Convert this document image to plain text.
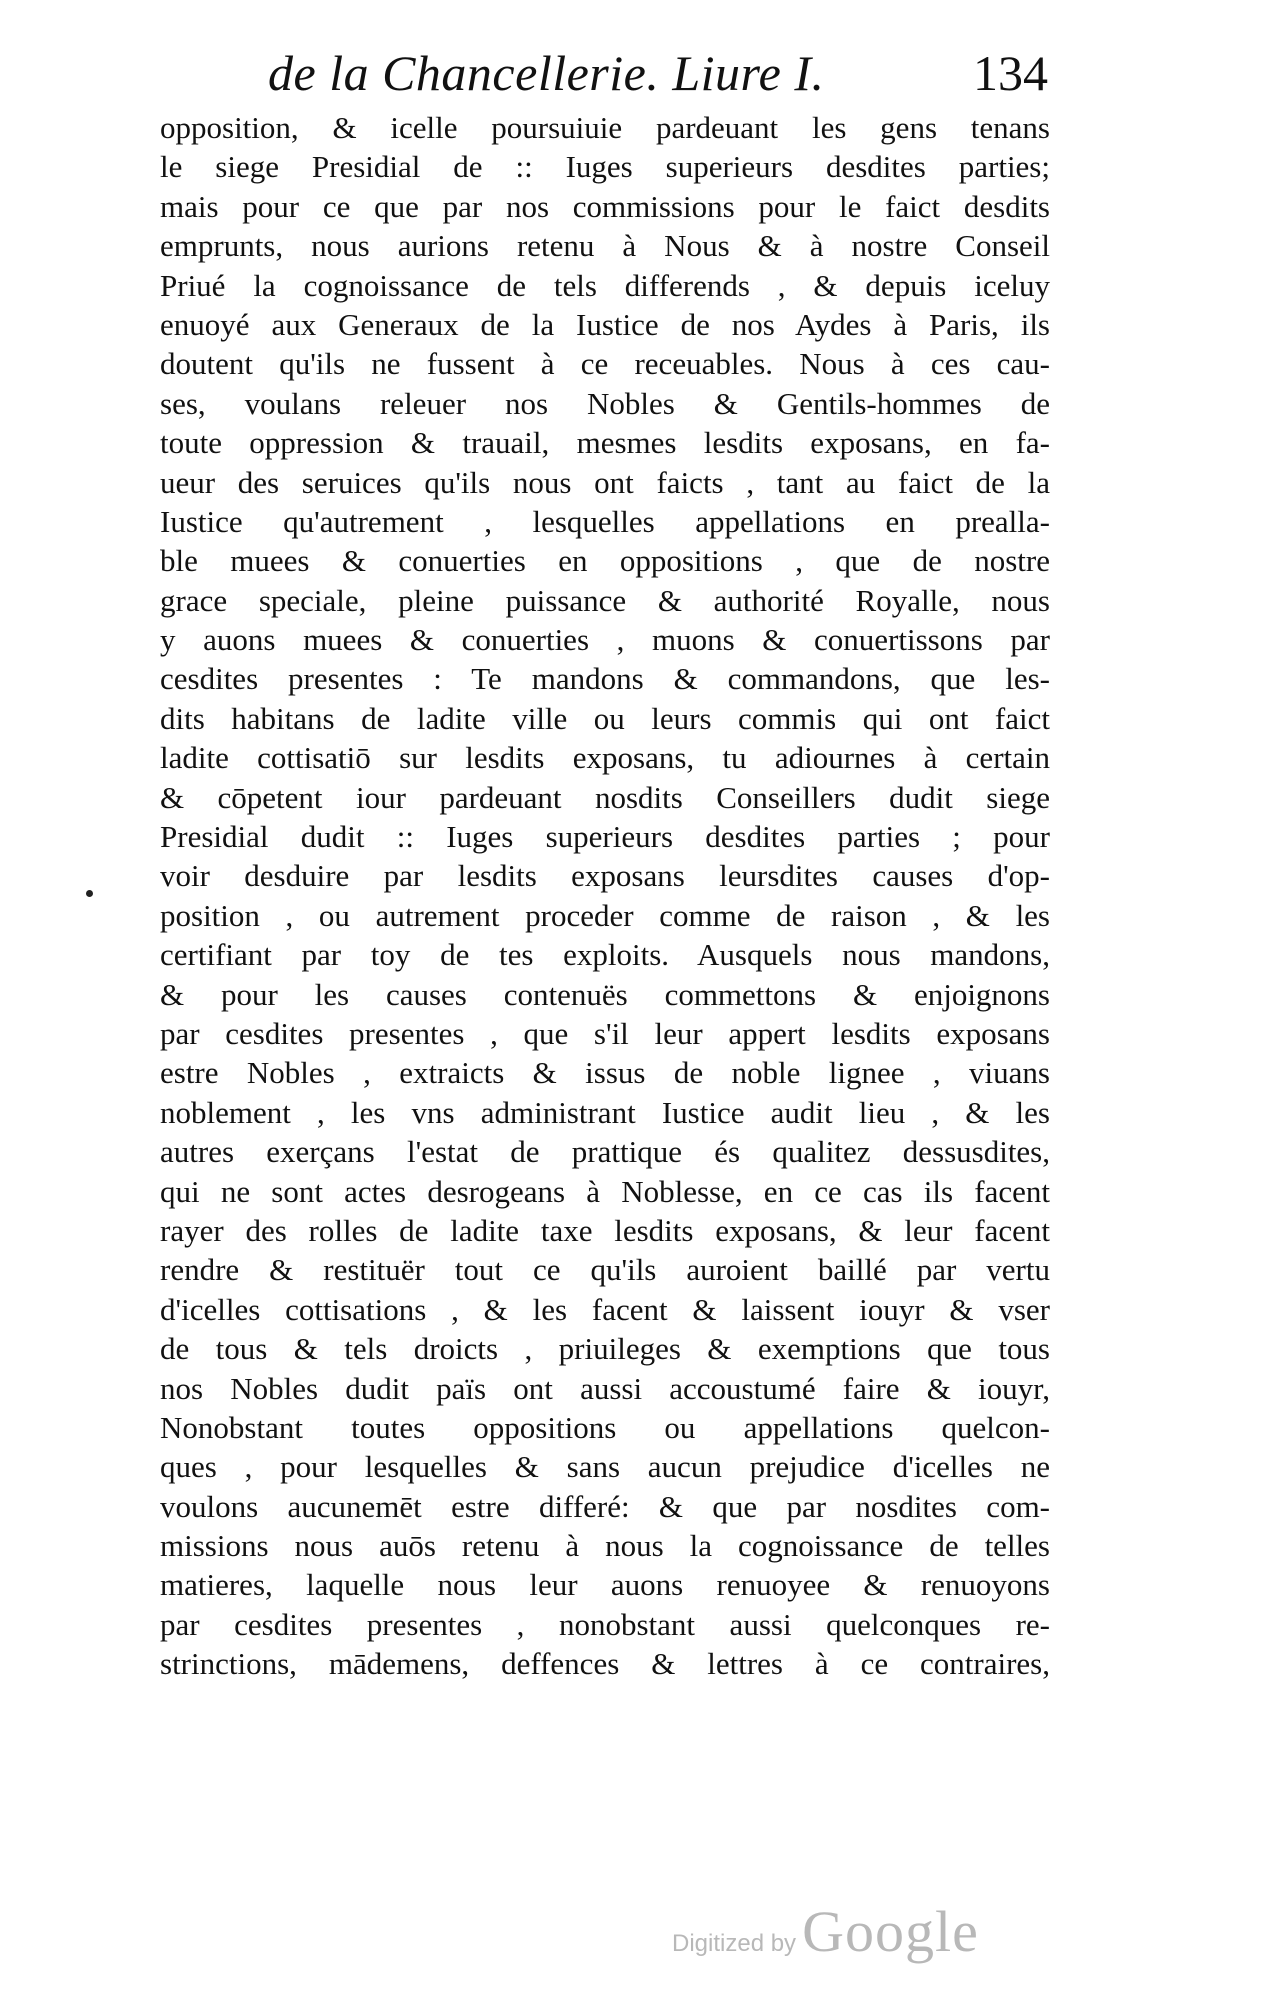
de la Chancellerie. Liure I.	134
opposition, & icelle poursuiuie pardeuant les gens tenans
le siege Presidial de :: Iuges superieurs desdites parties;
mais pour ce que par nos commissions pour le faict desdits
emprunts, nous aurions retenu à Nous & à nostre Conseil
Priué la cognoissance de tels differends , & depuis iceluy
enuoyé aux Generaux de la Iustice de nos Aydes à Paris, ils
doutent qu'ils ne fussent à ce receuables. Nous à ces cau-
ses, voulans releuer nos Nobles & Gentils-hommes de
toute oppression & trauail, mesmes lesdits exposans, en fa-
ueur des seruices qu'ils nous ont faicts , tant au faict de la
Iustice qu'autrement , lesquelles appellations en preallа-
ble muees & conuerties en oppositions , que de nostre
grace speciale, pleine puissance & authorité Royalle, nous
y auons muees & conuerties , muons & conuertissons par
cesdites presentes : Te mandons & commandons, que les-
dits habitans de ladite ville ou leurs commis qui ont faict
ladite cottisatiō sur lesdits exposans, tu adiournes à certain
& cōpetent iour pardeuant nosdits Conseillers dudit siege
Presidial dudit :: Iuges superieurs desdites parties ; pour
voir desduire par lesdits exposans leursdites causes d'op-
position , ou autrement proceder comme de raison , & les
certifiant par toy de tes exploits. Ausquels nous mandons,
& pour les causes contenuës commettons & enjoignons
par cesdites presentes , que s'il leur appert lesdits exposans
estre Nobles , extraicts & issus de noble lignee , viuans
noblement , les vns administrant Iustice audit lieu , & les
autres exerçans l'estat de prattique és qualitez dessusdites,
qui ne sont actes desrogeans à Noblesse, en ce cas ils facent
rayer des rolles de ladite taxe lesdits exposans, & leur facent
rendre & restituër tout ce qu'ils auroient baillé par vertu
d'icelles cottisations , & les facent & laissent iouyr & vser
de tous & tels droicts , priuileges & exemptions que tous
nos Nobles dudit païs ont aussi accoustumé faire & iouyr,
Nonobstant toutes oppositions ou appellations quelcon-
ques , pour lesquelles & sans aucun prejudice d'icelles ne
voulons aucunemēt estre differé: & que par nosdites com-
missions nous auōs retenu à nous la cognoissance de telles
matieres, laquelle nous leur auons renuoyee & renuoyons
par cesdites presentes , nonobstant aussi quelconques re-
strinctions, mādemens, deffences & lettres à ce contraires,
Digitized by Google
